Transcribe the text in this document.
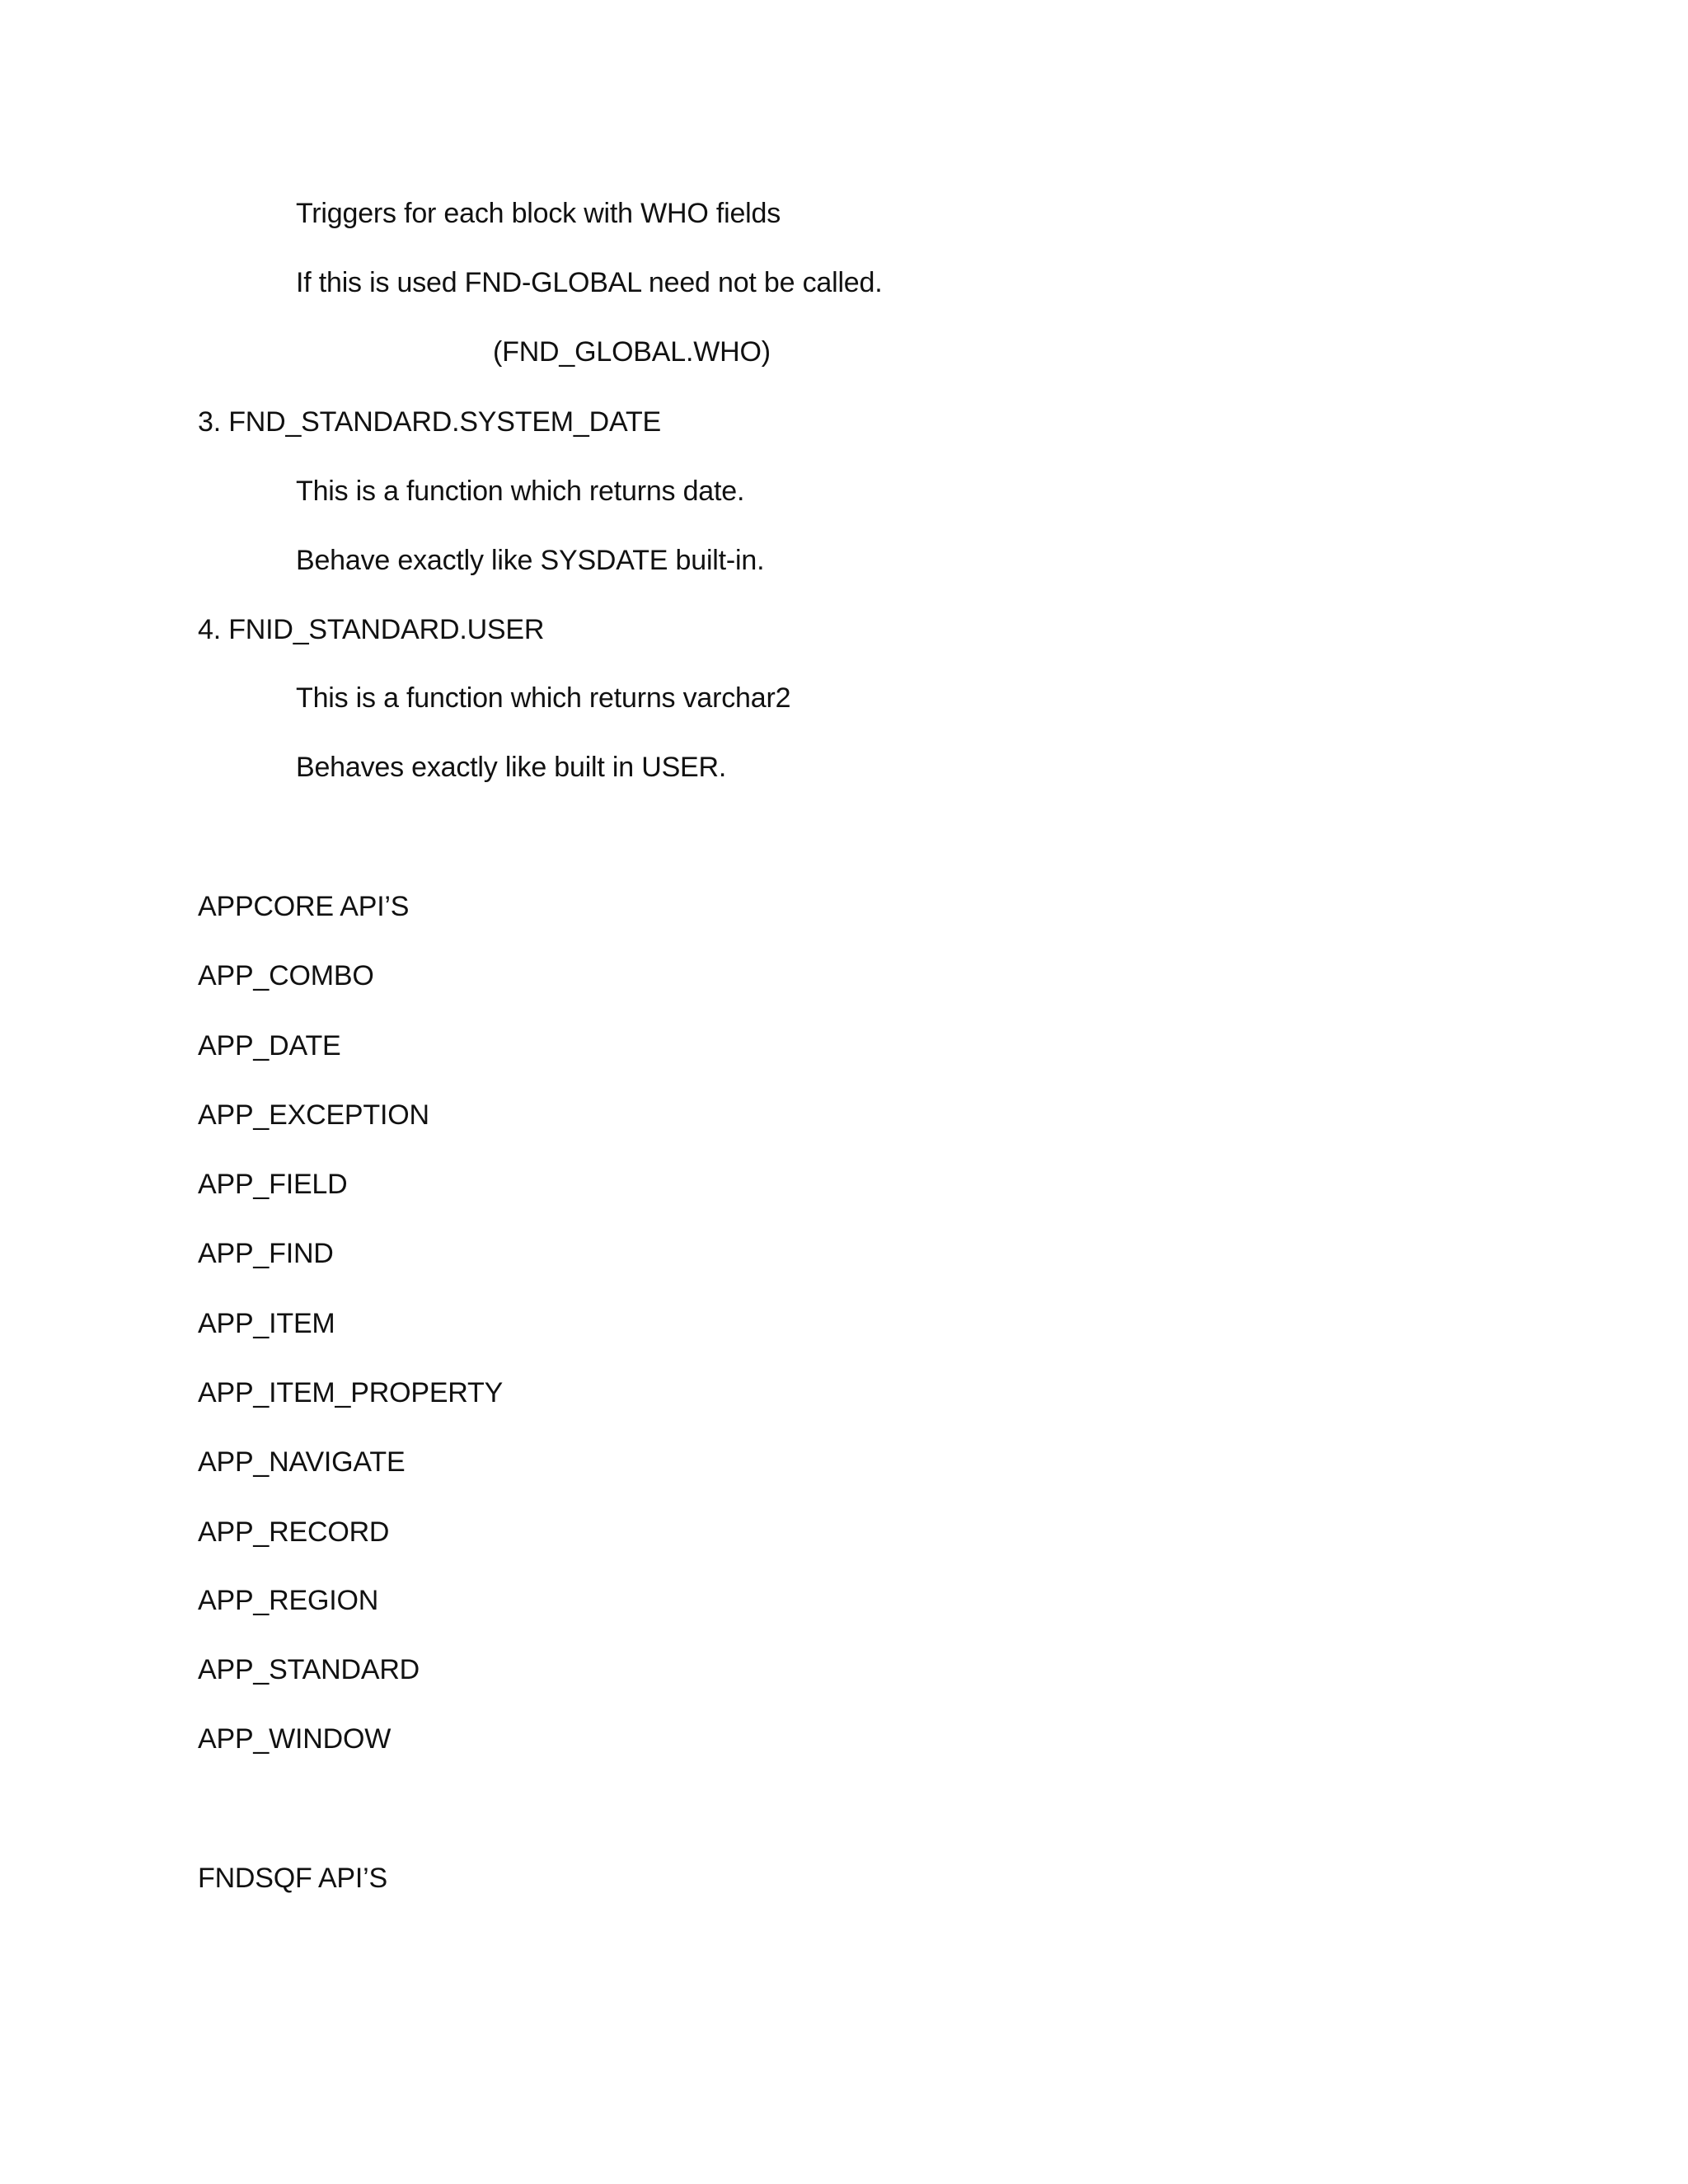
Triggers for each block with WHO fields
If this is used FND-GLOBAL need not be called.
(FND_GLOBAL.WHO)
3. FND_STANDARD.SYSTEM_DATE
This is a function which returns date.
Behave exactly like SYSDATE built-in.
4. FNID_STANDARD.USER
This is a function which returns varchar2
Behaves exactly like built in USER.
APPCORE API’S
APP_COMBO
APP_DATE
APP_EXCEPTION
APP_FIELD
APP_FIND
APP_ITEM
APP_ITEM_PROPERTY
APP_NAVIGATE
APP_RECORD
APP_REGION
APP_STANDARD
APP_WINDOW
FNDSQF API’S
